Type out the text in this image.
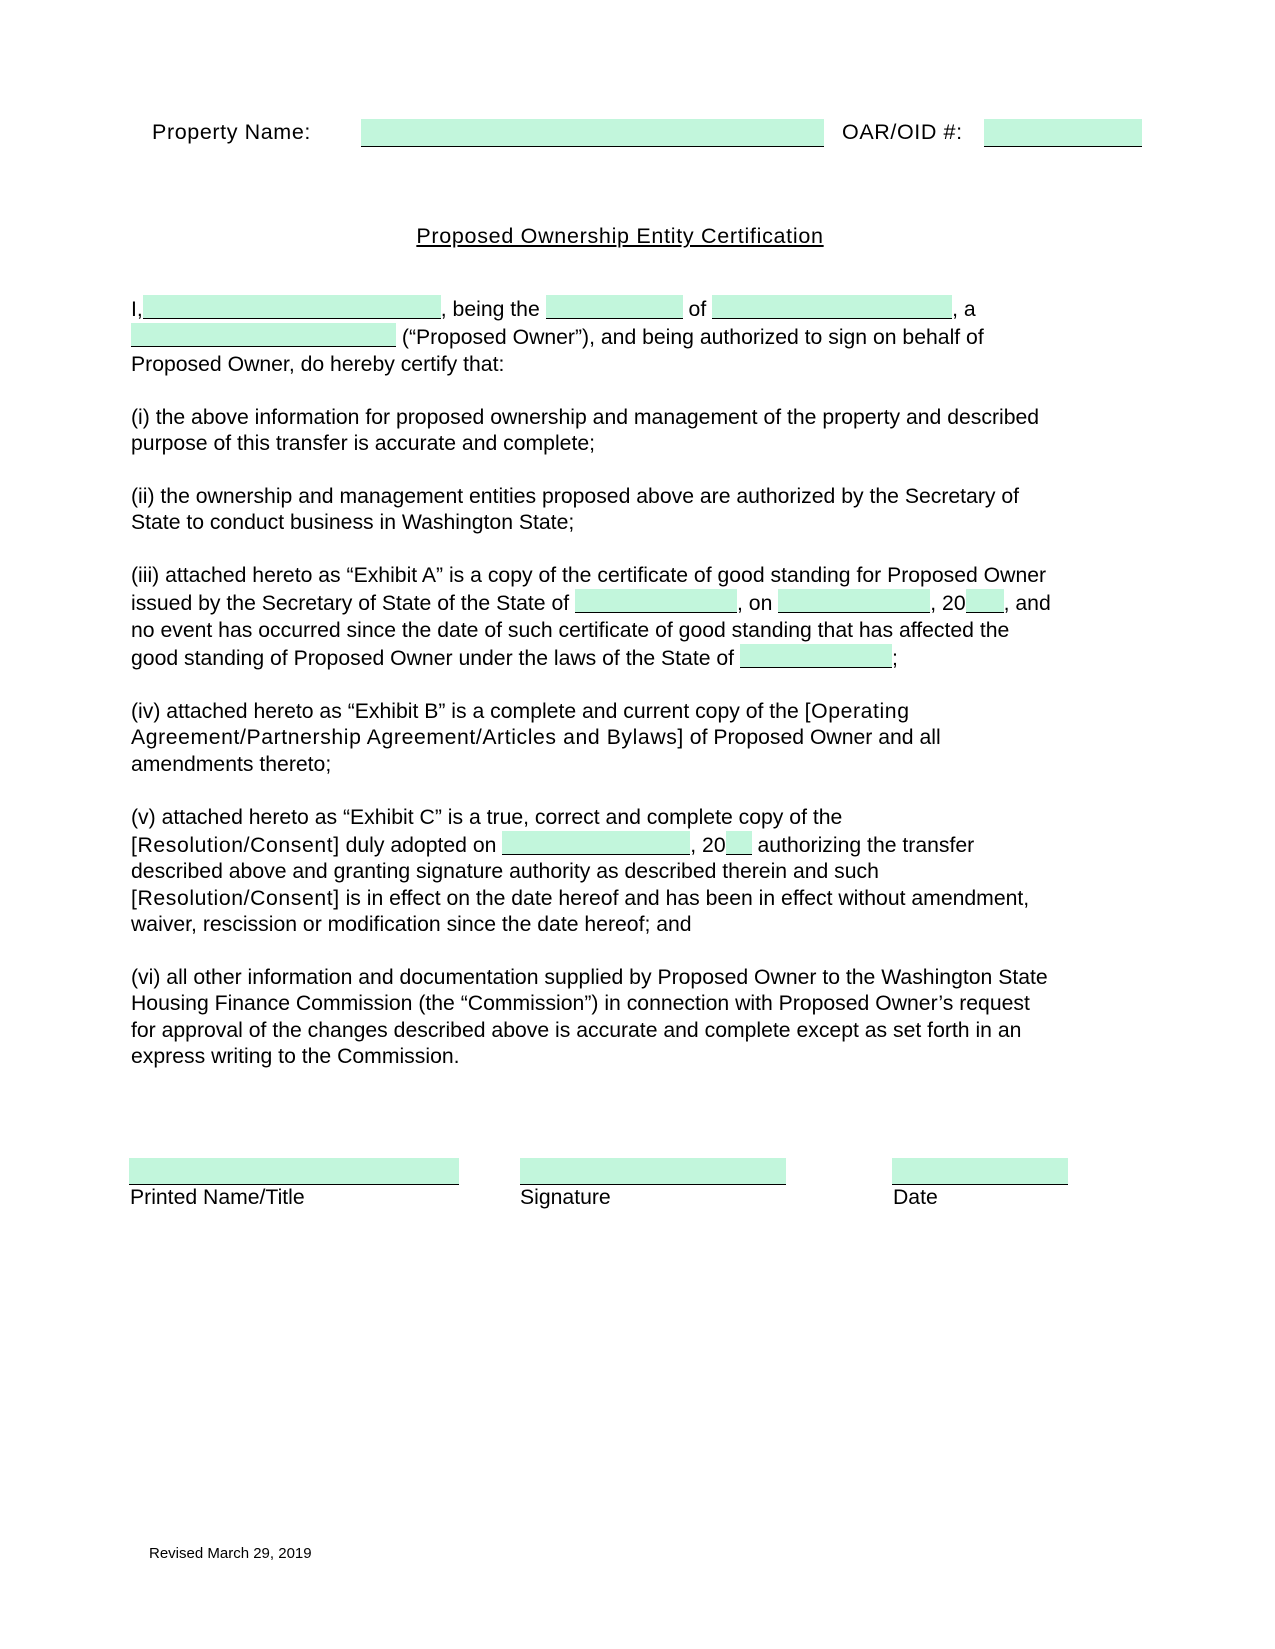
Property Name:	OAR/OID #:
Proposed Ownership Entity Certification
I,	, being the	of	, a
(“Proposed Owner”), and being authorized to sign on behalf of
Proposed Owner, do hereby certify that:
(i) the above information for proposed ownership and management of the property and described
purpose of this transfer is accurate and complete;
(ii) the ownership and management entities proposed above are authorized by the Secretary of
State to conduct business in Washington State;
(iii) attached hereto as “Exhibit A” is a copy of the certificate of good standing for Proposed Owner
issued by the Secretary of State of the State of	, on	, 20 , and
no event has occurred since the date of such certificate of good standing that has affected the
good standing of Proposed Owner under the laws of the State of	;
(iv) attached hereto as “Exhibit B” is a complete and current copy of the [Operating
Agreement/Partnership Agreement/Articles and Bylaws] of Proposed Owner and all
amendments thereto;
(v) attached hereto as “Exhibit C” is a true, correct and complete copy of the
[Resolution/Consent] duly adopted on	, 20 authorizing the transfer
described above and granting signature authority as described therein and such
[Resolution/Consent] is in effect on the date hereof and has been in effect without amendment,
waiver, rescission or modification since the date hereof; and
(vi) all other information and documentation supplied by Proposed Owner to the Washington State
Housing Finance Commission (the “Commission”) in connection with Proposed Owner’s request
for approval of the changes described above is accurate and complete except as set forth in an
express writing to the Commission.
Printed Name/Title	Signature	Date
Revised March 29, 2019
